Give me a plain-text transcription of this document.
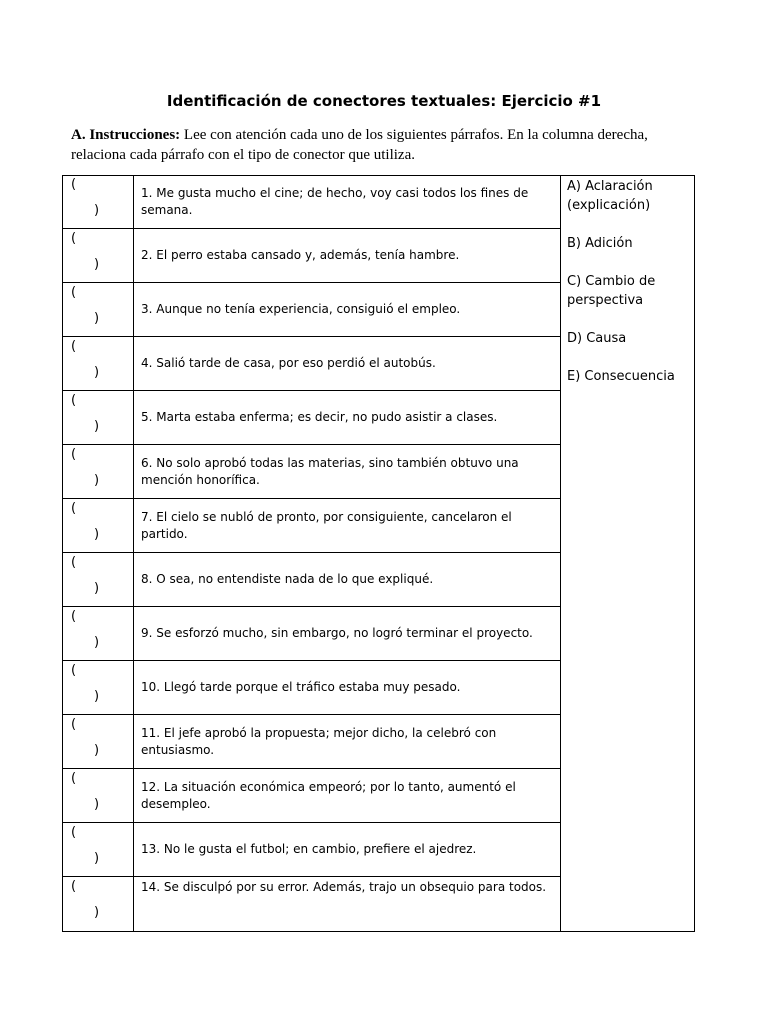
Identificación de conectores textuales: Ejercicio #1
A. Instrucciones: Lee con atención cada uno de los siguientes párrafos. En la columna derecha, relaciona cada párrafo con el tipo de conector que utiliza.
(
)
1. Me gusta mucho el cine; de hecho, voy casi todos los fines de semana.
(
)
2. El perro estaba cansado y, además, tenía hambre.
(
)
3. Aunque no tenía experiencia, consiguió el empleo.
(
)
4. Salió tarde de casa, por eso perdió el autobús.
(
)
5. Marta estaba enferma; es decir, no pudo asistir a clases.
(
)
6. No solo aprobó todas las materias, sino también obtuvo una mención honorífica.
(
)
7. El cielo se nubló de pronto, por consiguiente, cancelaron el partido.
(
)
8. O sea, no entendiste nada de lo que expliqué.
(
)
9. Se esforzó mucho, sin embargo, no logró terminar el proyecto.
(
)
10. Llegó tarde porque el tráfico estaba muy pesado.
(
)
11. El jefe aprobó la propuesta; mejor dicho, la celebró con entusiasmo.
(
)
12. La situación económica empeoró; por lo tanto, aumentó el desempleo.
(
)
13. No le gusta el futbol; en cambio, prefiere el ajedrez.
(
)
14. Se disculpó por su error. Además, trajo un obsequio para todos.
A) Aclaración (explicación)
B) Adición
C) Cambio de perspectiva
D) Causa
E) Consecuencia
